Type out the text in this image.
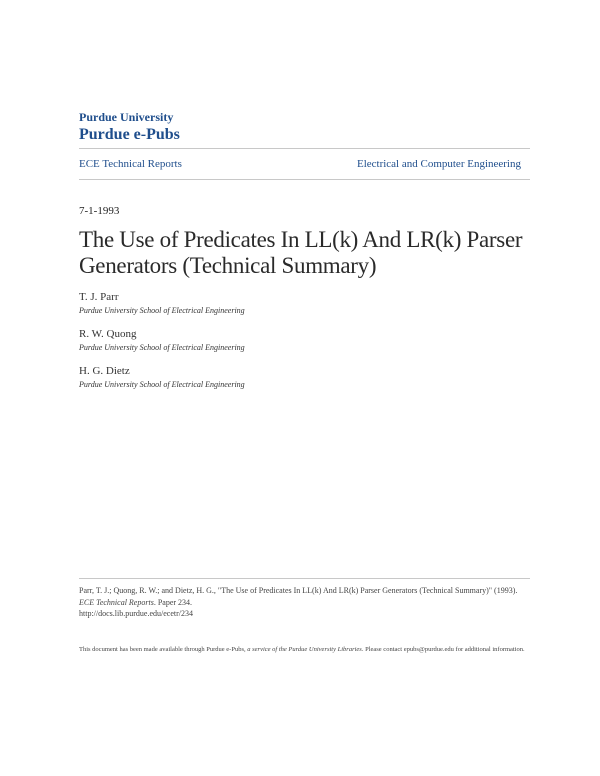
Purdue University
Purdue e-Pubs
ECE Technical Reports	Electrical and Computer Engineering
7-1-1993
The Use of Predicates In LL(k) And LR(k) Parser Generators (Technical Summary)
T. J. Parr
Purdue University School of Electrical Engineering
R. W. Quong
Purdue University School of Electrical Engineering
H. G. Dietz
Purdue University School of Electrical Engineering
Parr, T. J.; Quong, R. W.; and Dietz, H. G., "The Use of Predicates In LL(k) And LR(k) Parser Generators (Technical Summary)" (1993). ECE Technical Reports. Paper 234.
http://docs.lib.purdue.edu/ecetr/234
This document has been made available through Purdue e-Pubs, a service of the Purdue University Libraries. Please contact epubs@purdue.edu for additional information.
